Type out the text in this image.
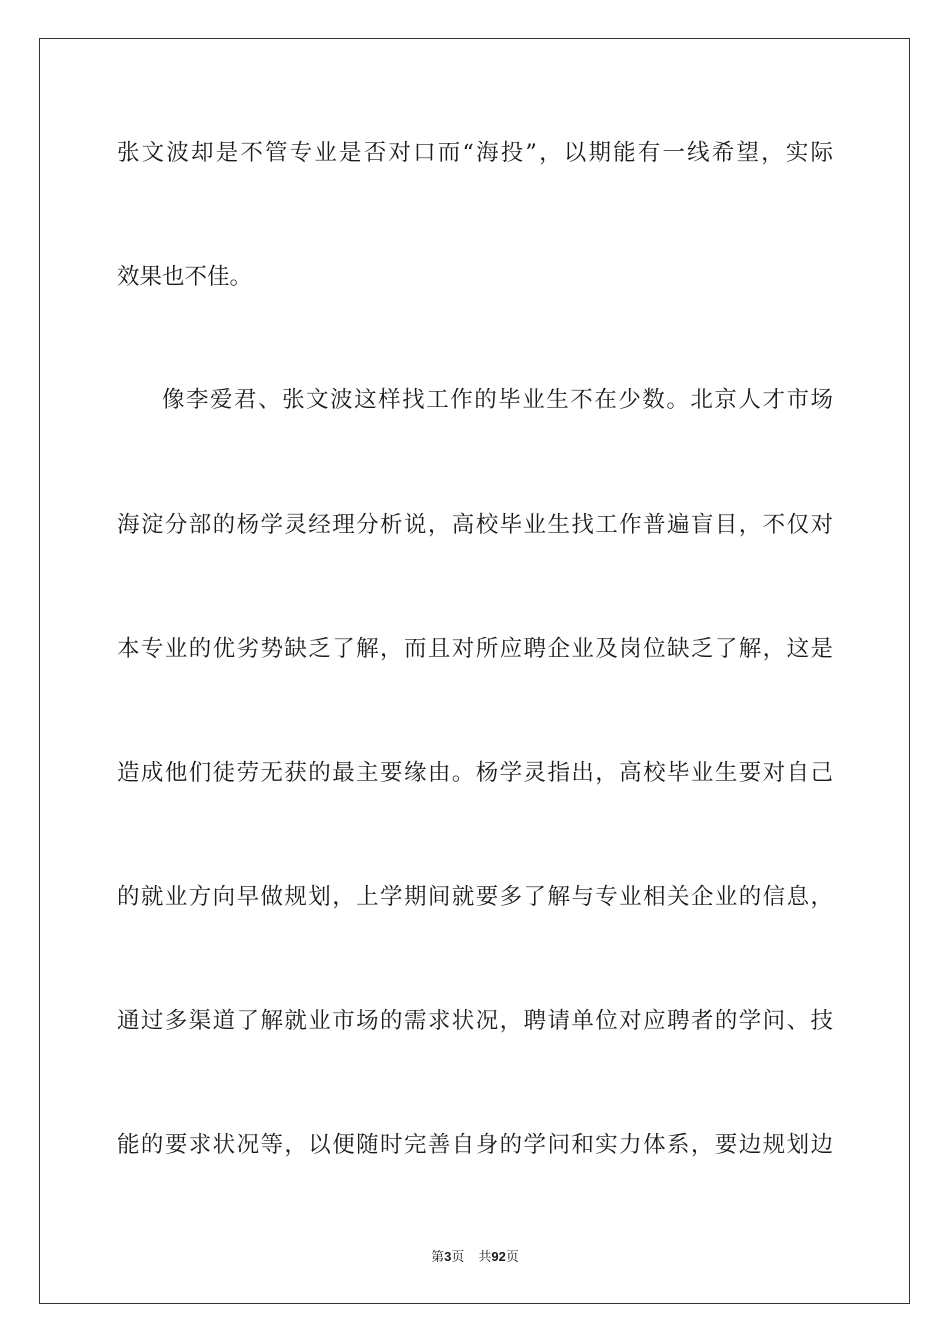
张文波却是不管专业是否对口而“海投”，以期能有一线希望，实际
效果也不佳。
像李爱君、张文波这样找工作的毕业生不在少数。北京人才市场
海淀分部的杨学灵经理分析说，高校毕业生找工作普遍盲目，不仅对
本专业的优劣势缺乏了解，而且对所应聘企业及岗位缺乏了解，这是
造成他们徒劳无获的最主要缘由。杨学灵指出，高校毕业生要对自己
的就业方向早做规划，上学期间就要多了解与专业相关企业的信息，
通过多渠道了解就业市场的需求状况，聘请单位对应聘者的学问、技
能的要求状况等，以便随时完善自身的学问和实力体系，要边规划边
第3页 共92页
